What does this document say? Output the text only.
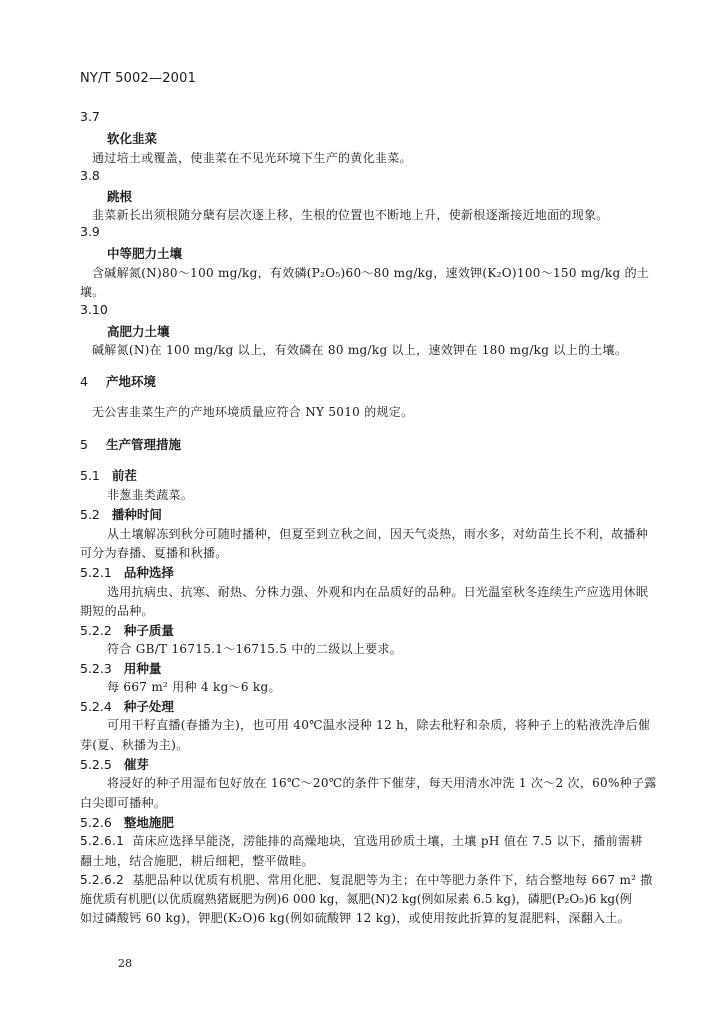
NY/T 5002—2001
3.7
软化韭菜
通过培土或覆盖，使韭菜在不见光环境下生产的黄化韭菜。
3.8
跳根
韭菜新长出须根随分蘖有层次逐上移，生根的位置也不断地上升，使新根逐渐接近地面的现象。
3.9
中等肥力土壤
含碱解氮(N)80～100 mg/kg，有效磷(P₂O₅)60～80 mg/kg，速效钾(K₂O)100～150 mg/kg 的土
壤。
3.10
高肥力土壤
碱解氮(N)在 100 mg/kg 以上，有效磷在 80 mg/kg 以上，速效钾在 180 mg/kg 以上的土壤。
4 产地环境
无公害韭菜生产的产地环境质量应符合 NY 5010 的规定。
5 生产管理措施
5.1 前茬
非葱韭类蔬菜。
5.2 播种时间
从土壤解冻到秋分可随时播种，但夏至到立秋之间，因天气炎热，雨水多，对幼苗生长不利，故播种
可分为春播、夏播和秋播。
5.2.1 品种选择
选用抗病虫、抗寒、耐热、分株力强、外观和内在品质好的品种。日光温室秋冬连续生产应选用休眠
期短的品种。
5.2.2 种子质量
符合 GB/T 16715.1～16715.5 中的二级以上要求。
5.2.3 用种量
每 667 m² 用种 4 kg～6 kg。
5.2.4 种子处理
可用干籽直播(春播为主)，也可用 40℃温水浸种 12 h，除去秕籽和杂质，将种子上的粘液洗净后催
芽(夏、秋播为主)。
5.2.5 催芽
将浸好的种子用湿布包好放在 16℃～20℃的条件下催芽，每天用清水冲洗 1 次～2 次，60%种子露
白尖即可播种。
5.2.6 整地施肥
5.2.6.1 苗床应选择旱能浇，涝能排的高燥地块，宜选用砂质土壤，土壤 pH 值在 7.5 以下，播前需耕
翻土地，结合施肥，耕后细耙，整平做畦。
5.2.6.2 基肥品种以优质有机肥、常用化肥、复混肥等为主；在中等肥力条件下，结合整地每 667 m² 撒
施优质有机肥(以优质腐熟猪厩肥为例)6 000 kg，氮肥(N)2 kg(例如尿素 6.5 kg)，磷肥(P₂O₅)6 kg(例
如过磷酸钙 60 kg)，钾肥(K₂O)6 kg(例如硫酸钾 12 kg)，或使用按此折算的复混肥料，深翻入土。
28
